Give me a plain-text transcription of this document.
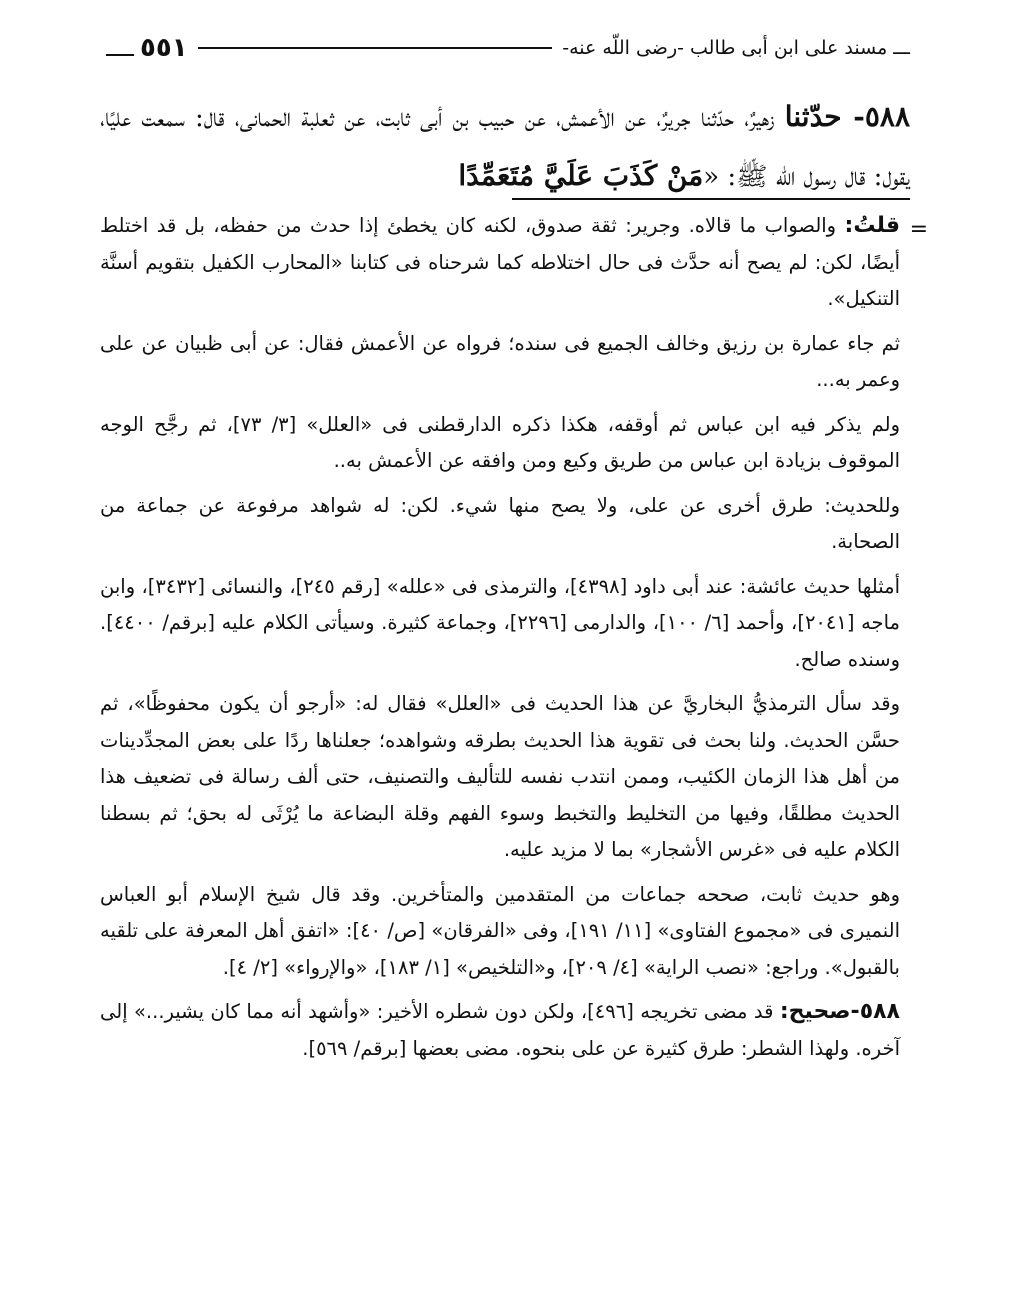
ـــ مسند على ابن أبى طالب -رضى اللّه عنه-
٥٥١
٥٨٨- حدّثنا زهيرٌ، حدّثنا جريرٌ، عن الأعمش، عن حبيب بن أبى ثابت، عن ثعلبة الحمانى، قال: سمعت عليًا، يقول: قال رسول اللّه ﷺ: «مَنْ كَذَبَ عَلَيَّ مُتَعَمِّدًا

=
قلتُ: والصواب ما قالاه. وجرير: ثقة صدوق، لكنه كان يخطئ إذا حدث من حفظه، بل قد اختلط أيضًا، لكن: لم يصح أنه حدَّث فى حال اختلاطه كما شرحناه فى كتابنا «المحارب الكفيل بتقويم أسنَّة التنكيل».

ثم جاء عمارة بن رزيق وخالف الجميع فى سنده؛ فرواه عن الأعمش فقال: عن أبى ظبيان عن على وعمر به...

ولم يذكر فيه ابن عباس ثم أوقفه، هكذا ذكره الدارقطنى فى «العلل» [٣/ ٧٣]، ثم رجَّح الوجه الموقوف بزيادة ابن عباس من طريق وكيع ومن وافقه عن الأعمش به..

وللحديث: طرق أخرى عن على، ولا يصح منها شيء. لكن: له شواهد مرفوعة عن جماعة من الصحابة.

أمثلها حديث عائشة: عند أبى داود [٤٣٩٨]، والترمذى فى «علله» [رقم ٢٤٥]، والنسائى [٣٤٣٢]، وابن ماجه [٢٠٤١]، وأحمد [٦/ ١٠٠]، والدارمى [٢٢٩٦]، وجماعة كثيرة. وسيأتى الكلام عليه [برقم/ ٤٤٠٠]. وسنده صالح.

وقد سأل الترمذيُّ البخاريَّ عن هذا الحديث فى «العلل» فقال له: «أرجو أن يكون محفوظًا»، ثم حسَّن الحديث. ولنا بحث فى تقوية هذا الحديث بطرقه وشواهده؛ جعلناها ردًا على بعض المجدِّدينات من أهل هذا الزمان الكئيب، وممن انتدب نفسه للتأليف والتصنيف، حتى ألف رسالة فى تضعيف هذا الحديث مطلقًا، وفيها من التخليط والتخبط وسوء الفهم وقلة البضاعة ما يُرْثَى له بحق؛ ثم بسطنا الكلام عليه فى «غرس الأشجار» بما لا مزيد عليه.

وهو حديث ثابت، صححه جماعات من المتقدمين والمتأخرين. وقد قال شيخ الإسلام أبو العباس النميرى فى «مجموع الفتاوى» [١١/ ١٩١]، وفى «الفرقان» [ص/ ٤٠]: «اتفق أهل المعرفة على تلقيه بالقبول». وراجع: «نصب الراية» [٤/ ٢٠٩]، و«التلخيص» [١/ ١٨٣]، «والإرواء» [٢/ ٤].

٥٨٨-صحيح: قد مضى تخريجه [٤٩٦]، ولكن دون شطره الأخير: «وأشهد أنه مما كان يشير...» إلى آخره. ولهذا الشطر: طرق كثيرة عن على بنحوه. مضى بعضها [برقم/ ٥٦٩].
